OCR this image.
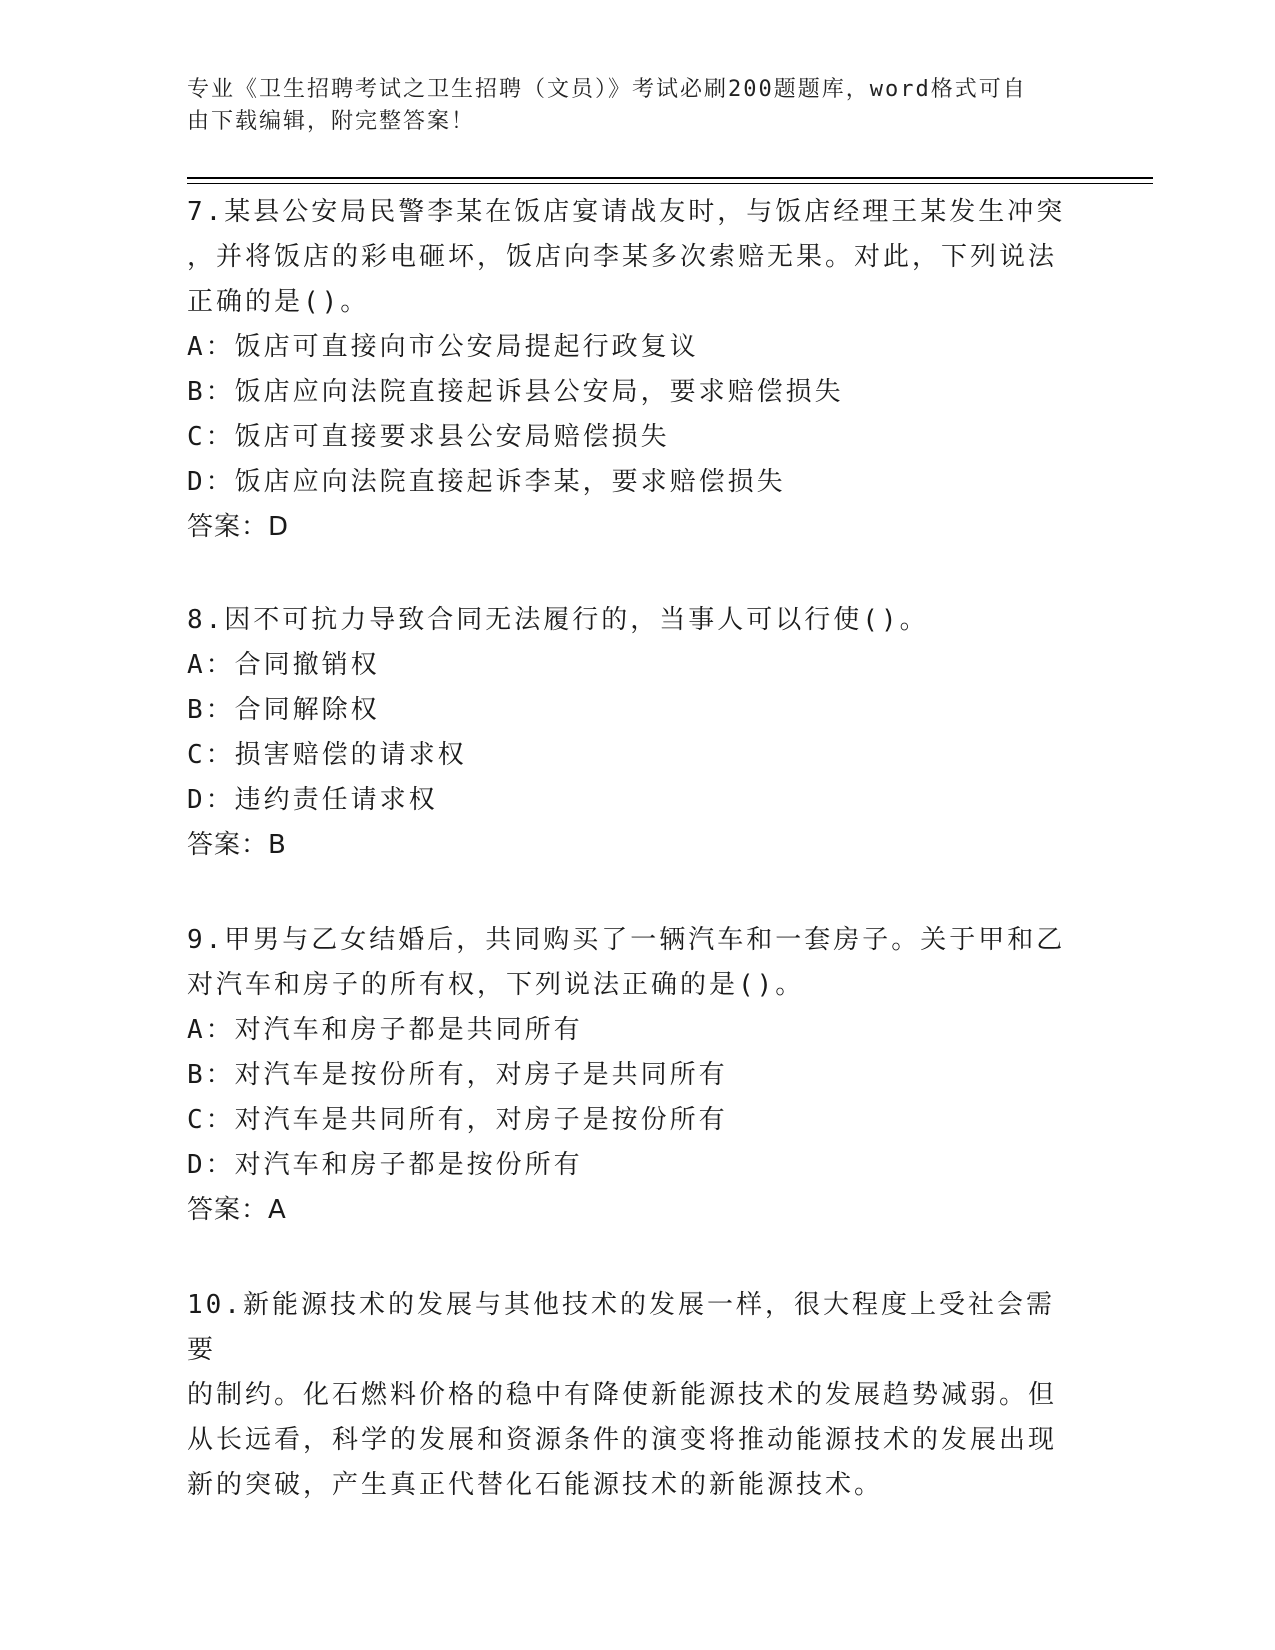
专业《卫生招聘考试之卫生招聘（文员）》考试必刷200题题库，word格式可自
由下载编辑，附完整答案！

7.某县公安局民警李某在饭店宴请战友时，与饭店经理王某发生冲突

，并将饭店的彩电砸坏，饭店向李某多次索赔无果。对此，下列说法

正确的是()。

A：饭店可直接向市公安局提起行政复议

B：饭店应向法院直接起诉县公安局，要求赔偿损失

C：饭店可直接要求县公安局赔偿损失

D：饭店应向法院直接起诉李某，要求赔偿损失

答案：D

8.因不可抗力导致合同无法履行的，当事人可以行使()。

A：合同撤销权

B：合同解除权

C：损害赔偿的请求权

D：违约责任请求权

答案：B

9.甲男与乙女结婚后，共同购买了一辆汽车和一套房子。关于甲和乙

对汽车和房子的所有权，下列说法正确的是()。

A：对汽车和房子都是共同所有

B：对汽车是按份所有，对房子是共同所有

C：对汽车是共同所有，对房子是按份所有

D：对汽车和房子都是按份所有

答案：A

10.新能源技术的发展与其他技术的发展一样，很大程度上受社会需要

的制约。化石燃料价格的稳中有降使新能源技术的发展趋势减弱。但

从长远看，科学的发展和资源条件的演变将推动能源技术的发展出现

新的突破，产生真正代替化石能源技术的新能源技术。
